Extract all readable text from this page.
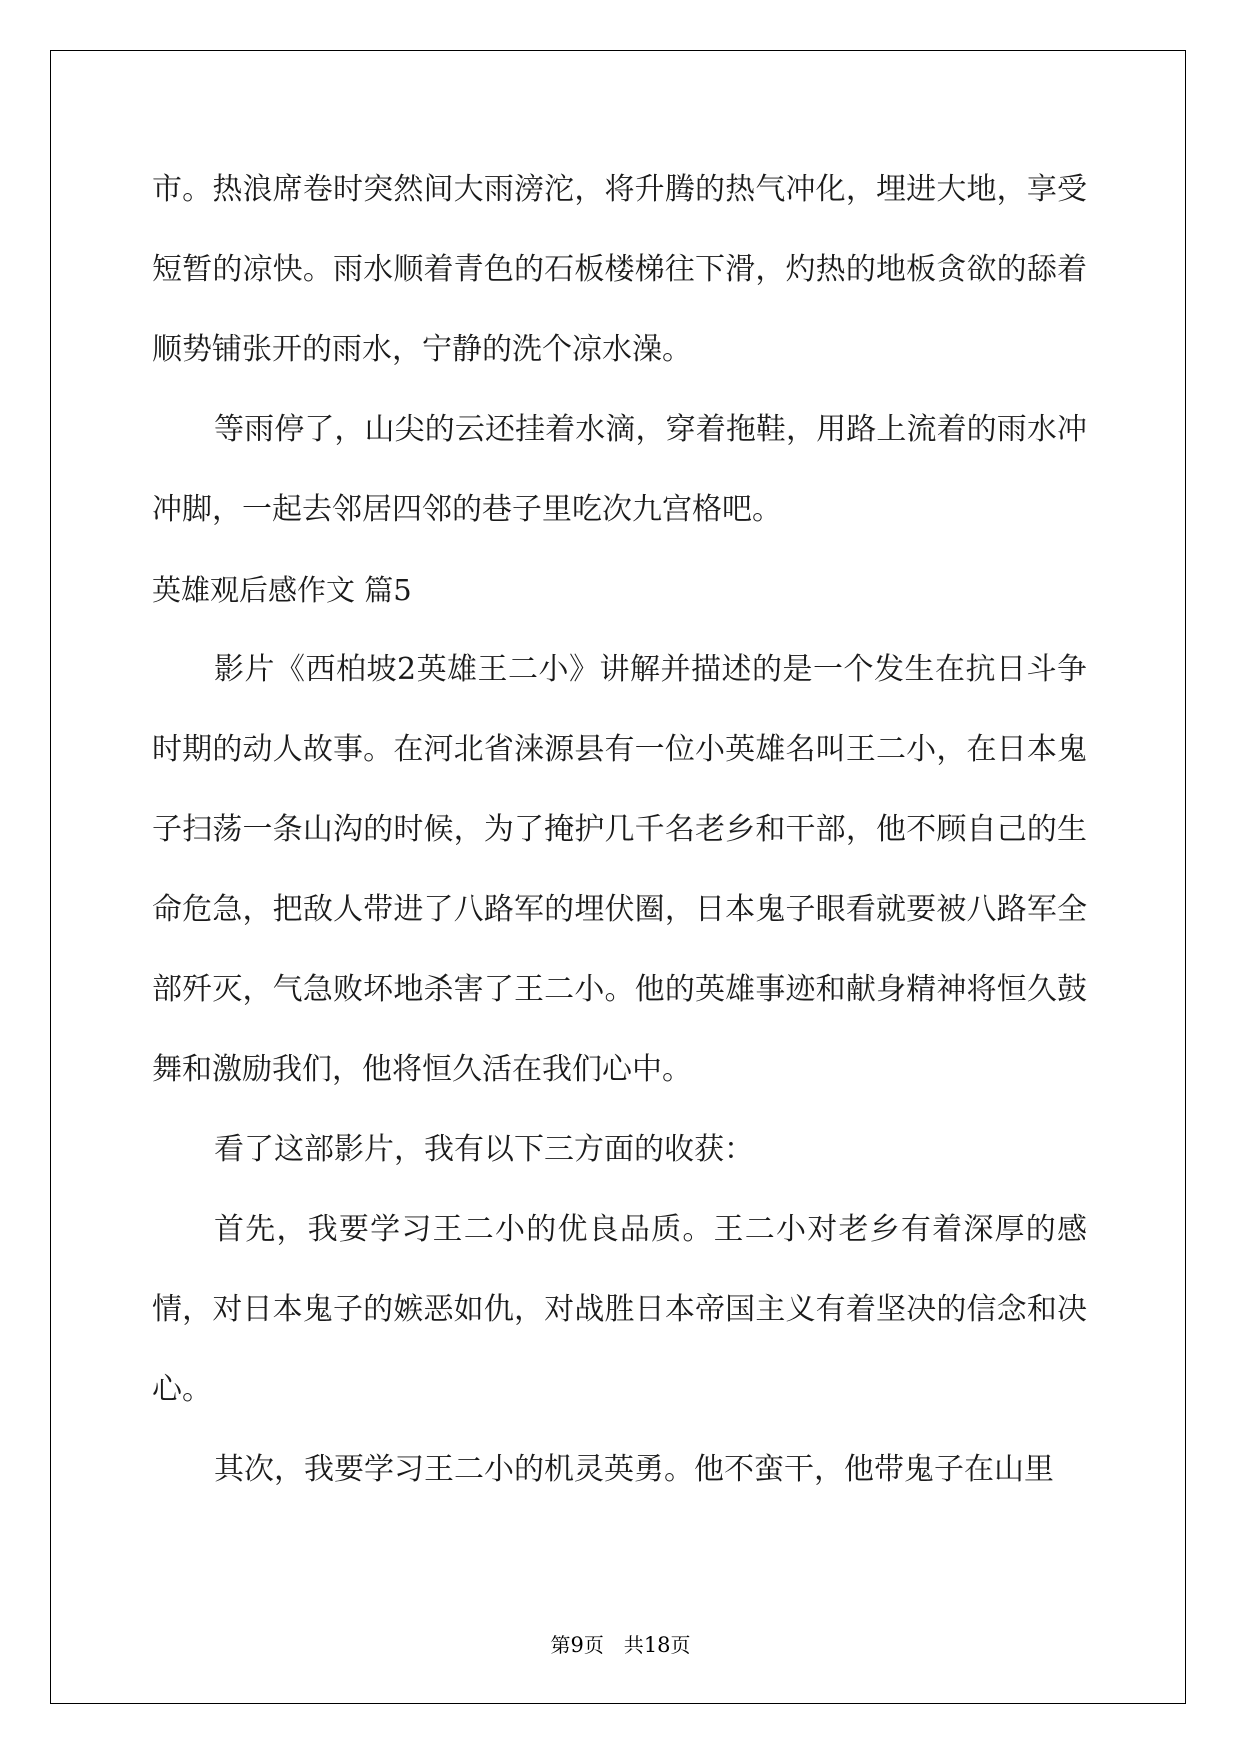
市。热浪席卷时突然间大雨滂沱，将升腾的热气冲化，埋进大地，享受短暂的凉快。雨水顺着青色的石板楼梯往下滑，灼热的地板贪欲的舔着顺势铺张开的雨水，宁静的洗个凉水澡。

等雨停了，山尖的云还挂着水滴，穿着拖鞋，用路上流着的雨水冲冲脚，一起去邻居四邻的巷子里吃次九宫格吧。

英雄观后感作文 篇5

影片《西柏坡2英雄王二小》讲解并描述的是一个发生在抗日斗争时期的动人故事。在河北省涞源县有一位小英雄名叫王二小，在日本鬼子扫荡一条山沟的时候，为了掩护几千名老乡和干部，他不顾自己的生命危急，把敌人带进了八路军的埋伏圈，日本鬼子眼看就要被八路军全部歼灭，气急败坏地杀害了王二小。他的英雄事迹和献身精神将恒久鼓舞和激励我们，他将恒久活在我们心中。

看了这部影片，我有以下三方面的收获：

首先，我要学习王二小的优良品质。王二小对老乡有着深厚的感情，对日本鬼子的嫉恶如仇，对战胜日本帝国主义有着坚决的信念和决心。

其次，我要学习王二小的机灵英勇。他不蛮干，他带鬼子在山里

第9页　共18页
